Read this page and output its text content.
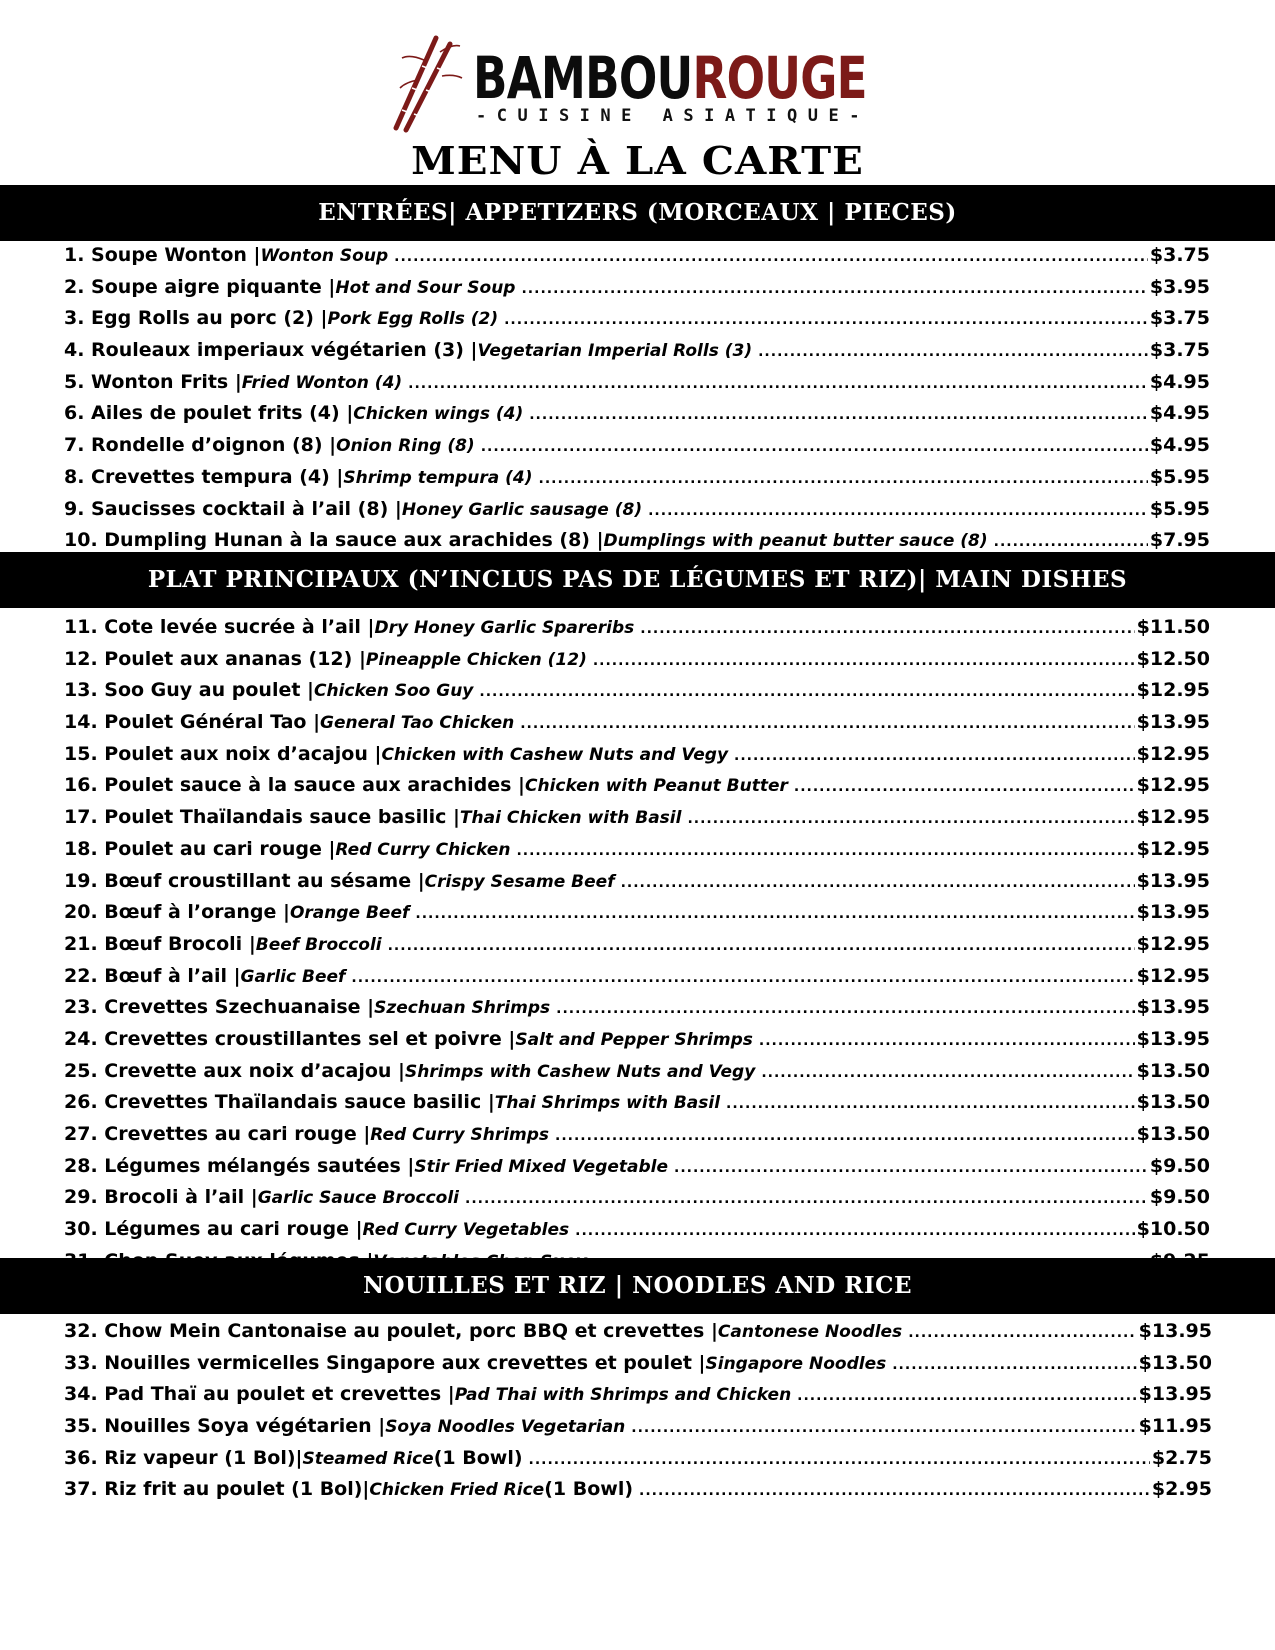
BAMBOUROUGE
-CUISINE ASIATIQUE-
MENU À LA CARTE
ENTRÉES| APPETIZERS (MORCEAUX | PIECES)
PLAT PRINCIPAUX (N’INCLUS PAS DE LÉGUMES ET RIZ)| MAIN DISHES
NOUILLES ET RIZ | NOODLES AND RICE
1. Soupe Wonton | Wonton Soup .....	$3.75
2. Soupe aigre piquante | Hot and Sour Soup .....	$3.95
3. Egg Rolls au porc (2) | Pork Egg Rolls (2) .....	$3.75
4. Rouleaux imperiaux végétarien (3) | Vegetarian Imperial Rolls (3) .....	$3.75
5. Wonton Frits | Fried Wonton (4) .....	$4.95
6. Ailes de poulet frits (4) | Chicken wings (4) .....	$4.95
7. Rondelle d’oignon (8) | Onion Ring (8) .....	$4.95
8. Crevettes tempura (4) | Shrimp tempura (4) .....	$5.95
9. Saucisses cocktail à l’ail (8) | Honey Garlic sausage (8) .....	$5.95
10. Dumpling Hunan à la sauce aux arachides (8) | Dumplings with peanut butter sauce (8) .....	$7.95
11. Cote levée sucrée à l’ail | Dry Honey Garlic Spareribs .....	$11.50
12. Poulet aux ananas (12) | Pineapple Chicken (12) .....	$12.50
13. Soo Guy au poulet | Chicken Soo Guy .....	$12.95
14. Poulet Général Tao | General Tao Chicken .....	$13.95
15. Poulet aux noix d’acajou | Chicken with Cashew Nuts and Vegy .....	$12.95
16. Poulet sauce à la sauce aux arachides | Chicken with Peanut Butter .....	$12.95
17. Poulet Thaïlandais sauce basilic | Thai Chicken with Basil .....	$12.95
18. Poulet au cari rouge | Red Curry Chicken .....	$12.95
19. Bœuf croustillant au sésame | Crispy Sesame Beef .....	$13.95
20. Bœuf à l’orange | Orange Beef .....	$13.95
21. Bœuf Brocoli | Beef Broccoli .....	$12.95
22. Bœuf à l’ail | Garlic Beef .....	$12.95
23. Crevettes Szechuanaise | Szechuan Shrimps .....	$13.95
24. Crevettes croustillantes sel et poivre | Salt and Pepper Shrimps .....	$13.95
25. Crevette aux noix d’acajou | Shrimps with Cashew Nuts and Vegy .....	$13.50
26. Crevettes Thaïlandais sauce basilic | Thai Shrimps with Basil .....	$13.50
27. Crevettes au cari rouge | Red Curry Shrimps .....	$13.50
28. Légumes mélangés sautées | Stir Fried Mixed Vegetable .....	$9.50
29. Brocoli à l’ail | Garlic Sauce Broccoli .....	$9.50
30. Légumes au cari rouge | Red Curry Vegetables .....	$10.50
31. Chop Suey aux légumes | Vegetables Chop Suey .....	$9.25
32. Chow Mein Cantonaise au poulet, porc BBQ et crevettes | Cantonese Noodles .....	$13.95
33. Nouilles vermicelles Singapore aux crevettes et poulet | Singapore Noodles .....	$13.50
34. Pad Thaï au poulet et crevettes | Pad Thai with Shrimps and Chicken .....	$13.95
35. Nouilles Soya végétarien | Soya Noodles Vegetarian .....	$11.95
36. Riz vapeur (1 Bol)| Steamed Rice (1 Bowl) .....	$2.75
37. Riz frit au poulet (1 Bol)| Chicken Fried Rice (1 Bowl) .....	$2.95
